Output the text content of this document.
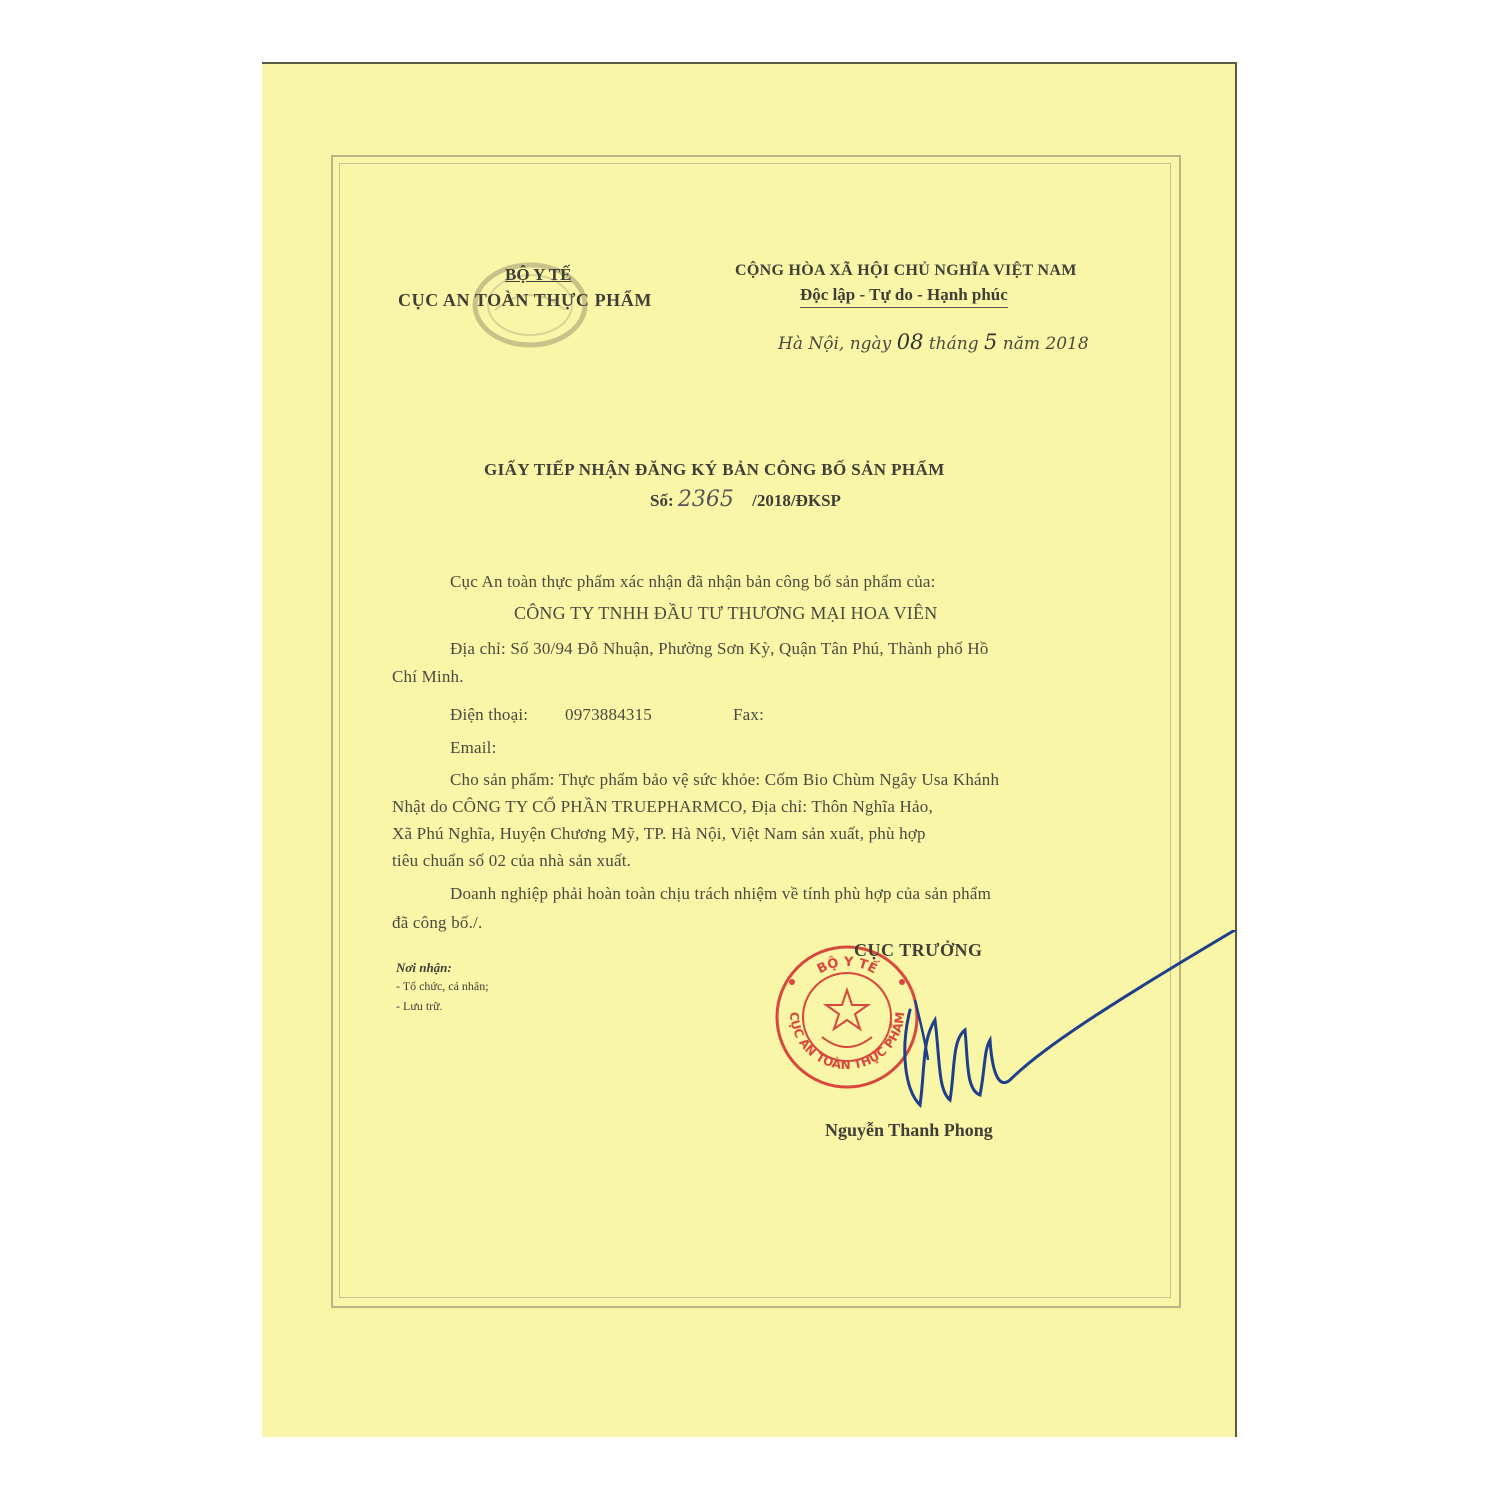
BỘ Y TẾ
CỤC AN TOÀN THỰC PHẨM
CỘNG HÒA XÃ HỘI CHỦ NGHĨA VIỆT NAM
Độc lập - Tự do - Hạnh phúc
Hà Nội, ngày 08 tháng 5 năm 2018
GIẤY TIẾP NHẬN ĐĂNG KÝ BẢN CÔNG BỐ SẢN PHẨM
Số: 2365 /2018/ĐKSP
Cục An toàn thực phẩm xác nhận đã nhận bản công bố sản phẩm của:
CÔNG TY TNHH ĐẦU TƯ THƯƠNG MẠI HOA VIÊN
Địa chỉ: Số 30/94 Đỗ Nhuận, Phường Sơn Kỳ, Quận Tân Phú, Thành phố Hồ
Chí Minh.
Điện thoại: 0973884315	Fax:
Email:
Cho sản phẩm: Thực phẩm bảo vệ sức khỏe: Cốm Bio Chùm Ngây Usa Khánh
Nhật do CÔNG TY CỔ PHẦN TRUEPHARMCO, Địa chỉ: Thôn Nghĩa Hảo,
Xã Phú Nghĩa, Huyện Chương Mỹ, TP. Hà Nội, Việt Nam sản xuất, phù hợp
tiêu chuẩn số 02 của nhà sản xuất.
Doanh nghiệp phải hoàn toàn chịu trách nhiệm về tính phù hợp của sản phẩm
đã công bố./.
Nơi nhận:
- Tổ chức, cá nhân;
- Lưu trữ.
BỘ Y TẾ
CỤC AN TOÀN THỰC PHẨM
CỤC TRƯỞNG
Nguyễn Thanh Phong
